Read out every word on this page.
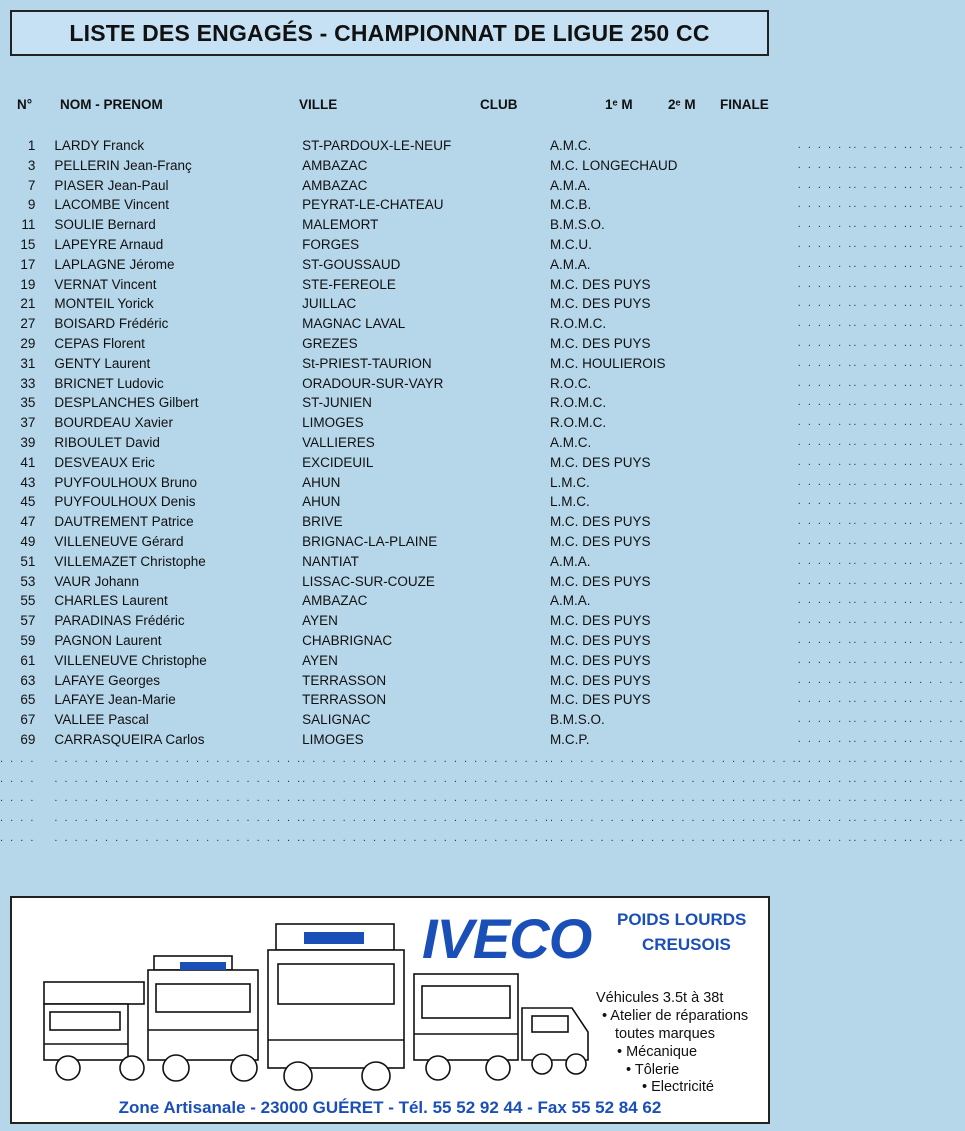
LISTE DES ENGAGÉS - CHAMPIONNAT DE LIGUE 250 CC
N° NOM - PRENOM	VILLE	CLUB	1ᵉ M	2ᵉ M FINALE
1	LARDY Franck	ST-PARDOUX-LE-NEUF	A.M.C.	. . . . . .	. . . . . .	. . . . . .
3	PELLERIN Jean-Franç	AMBAZAC	M.C. LONGECHAUD	. . . . . .	. . . . . .	. . . . . .
7	PIASER Jean-Paul	AMBAZAC	A.M.A.	. . . . . .	. . . . . .	. . . . . .
9	LACOMBE Vincent	PEYRAT-LE-CHATEAU	M.C.B.	. . . . . .	. . . . . .	. . . . . .
11	SOULIE Bernard	MALEMORT	B.M.S.O.	. . . . . .	. . . . . .	. . . . . .
15	LAPEYRE Arnaud	FORGES	M.C.U.	. . . . . .	. . . . . .	. . . . . .
17	LAPLAGNE Jérome	ST-GOUSSAUD	A.M.A.	. . . . . .	. . . . . .	. . . . . .
19	VERNAT Vincent	STE-FEREOLE	M.C. DES PUYS	. . . . . .	. . . . . .	. . . . . .
21	MONTEIL Yorick	JUILLAC	M.C. DES PUYS	. . . . . .	. . . . . .	. . . . . .
27	BOISARD Frédéric	MAGNAC LAVAL	R.O.M.C.	. . . . . .	. . . . . .	. . . . . .
29	CEPAS Florent	GREZES	M.C. DES PUYS	. . . . . .	. . . . . .	. . . . . .
31	GENTY Laurent	St-PRIEST-TAURION	M.C. HOULIEROIS	. . . . . .	. . . . . .	. . . . . .
33	BRICNET Ludovic	ORADOUR-SUR-VAYR	R.O.C.	. . . . . .	. . . . . .	. . . . . .
35	DESPLANCHES Gilbert	ST-JUNIEN	R.O.M.C.	. . . . . .	. . . . . .	. . . . . .
37	BOURDEAU Xavier	LIMOGES	R.O.M.C.	. . . . . .	. . . . . .	. . . . . .
39	RIBOULET David	VALLIERES	A.M.C.	. . . . . .	. . . . . .	. . . . . .
41	DESVEAUX Eric	EXCIDEUIL	M.C. DES PUYS	. . . . . .	. . . . . .	. . . . . .
43	PUYFOULHOUX Bruno	AHUN	L.M.C.	. . . . . .	. . . . . .	. . . . . .
45	PUYFOULHOUX Denis	AHUN	L.M.C.	. . . . . .	. . . . . .	. . . . . .
47	DAUTREMENT Patrice	BRIVE	M.C. DES PUYS	. . . . . .	. . . . . .	. . . . . .
49	VILLENEUVE Gérard	BRIGNAC-LA-PLAINE	M.C. DES PUYS	. . . . . .	. . . . . .	. . . . . .
51	VILLEMAZET Christophe	NANTIAT	A.M.A.	. . . . . .	. . . . . .	. . . . . .
53	VAUR Johann	LISSAC-SUR-COUZE	M.C. DES PUYS	. . . . . .	. . . . . .	. . . . . .
55	CHARLES Laurent	AMBAZAC	A.M.A.	. . . . . .	. . . . . .	. . . . . .
57	PARADINAS Frédéric	AYEN	M.C. DES PUYS	. . . . . .	. . . . . .	. . . . . .
59	PAGNON Laurent	CHABRIGNAC	M.C. DES PUYS	. . . . . .	. . . . . .	. . . . . .
61	VILLENEUVE Christophe	AYEN	M.C. DES PUYS	. . . . . .	. . . . . .	. . . . . .
63	LAFAYE Georges	TERRASSON	M.C. DES PUYS	. . . . . .	. . . . . .	. . . . . .
65	LAFAYE Jean-Marie	TERRASSON	M.C. DES PUYS	. . . . . .	. . . . . .	. . . . . .
67	VALLEE Pascal	SALIGNAC	B.M.S.O.	. . . . . .	. . . . . .	. . . . . .
69	CARRASQUEIRA Carlos	LIMOGES	M.C.P.	. . . . . .	. . . . . .	. . . . . .
. . . .	. . . . . . . . . . . . . . . . . . . . . . . . .	. . . . . . . . . . . . . . . . . . . . . . . . .	. . . . . . . . . . . . . . . . . . . . . . . . .	. . . . . .	. . . . . .	. . . . . .
. . . .	. . . . . . . . . . . . . . . . . . . . . . . . .	. . . . . . . . . . . . . . . . . . . . . . . . .	. . . . . . . . . . . . . . . . . . . . . . . . .	. . . . . .	. . . . . .	. . . . . .
. . . .	. . . . . . . . . . . . . . . . . . . . . . . . .	. . . . . . . . . . . . . . . . . . . . . . . . .	. . . . . . . . . . . . . . . . . . . . . . . . .	. . . . . .	. . . . . .	. . . . . .
. . . .	. . . . . . . . . . . . . . . . . . . . . . . . .	. . . . . . . . . . . . . . . . . . . . . . . . .	. . . . . . . . . . . . . . . . . . . . . . . . .	. . . . . .	. . . . . .	. . . . . .
. . . .	. . . . . . . . . . . . . . . . . . . . . . . . .	. . . . . . . . . . . . . . . . . . . . . . . . .	. . . . . . . . . . . . . . . . . . . . . . . . .	. . . . . .	. . . . . .	. . . . . .
IVECO POIDS LOURDS
CREUSOIS
Véhicules 3.5t à 38t
• Atelier de réparations
toutes marques
• Mécanique
• Tôlerie
• Electricité
Zone Artisanale - 23000 GUÉRET - Tél. 55 52 92 44 - Fax 55 52 84 62
